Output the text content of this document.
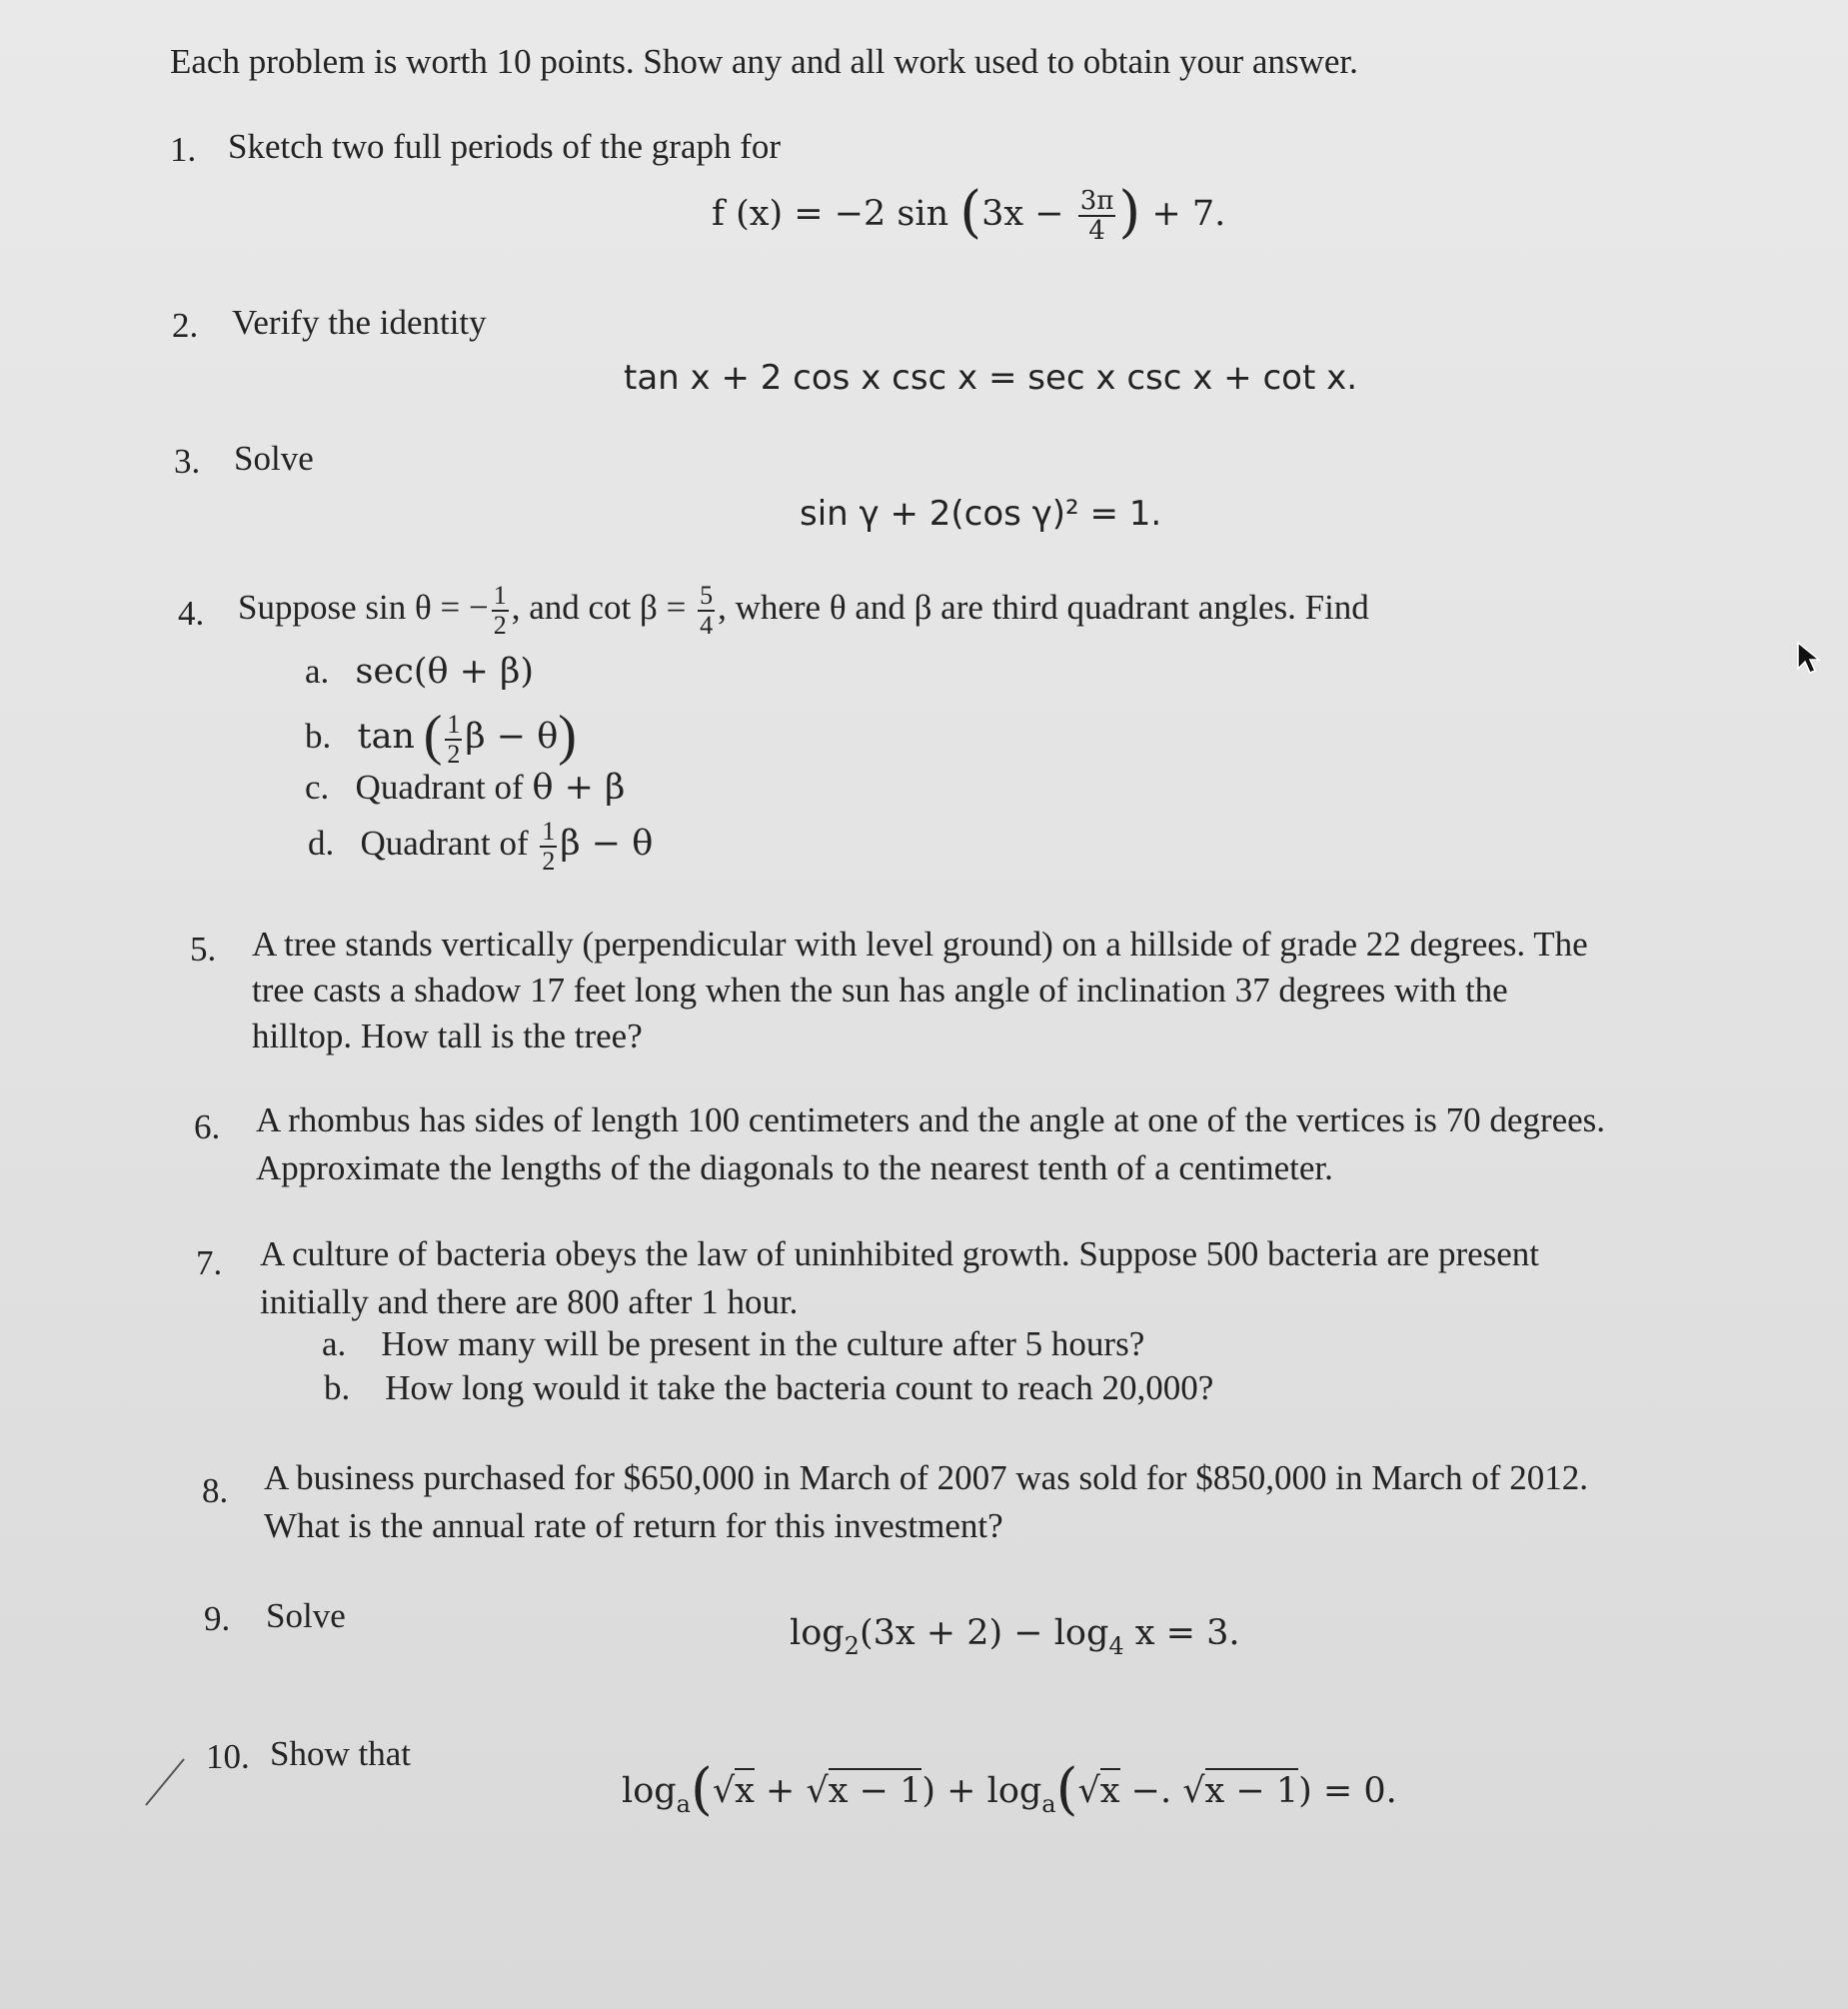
Each problem is worth 10 points. Show any and all work used to obtain your answer.
1. Sketch two full periods of the graph for
f (x) = −2 $\sin (3x - \frac{3\pi}{4}$ ) + 7.
2. Verify the identity
tan x + 2 cos x csc x = sec x csc x + cot x.
3. Solve
sin γ + 2(cos γ)² = 1.
4. Suppose sin θ = − $\frac{1}{2}$ , and $\cot \beta = \frac{5}{4}$ , where θ and β are third quadrant angles. Find
a. sec(θ + β)
b. tan ( $\frac{1}{2}$ β − θ)
c. Quadrant of θ + β
d. Quadrant of $\frac{1}{2}$ β − θ
5. A tree stands vertically (perpendicular with level ground) on a hillside of grade 22 degrees. The
tree casts a shadow 17 feet long when the sun has angle of inclination 37 degrees with the
hilltop. How tall is the tree?
6. A rhombus has sides of length 100 centimeters and the angle at one of the vertices is 70 degrees.
Approximate the lengths of the diagonals to the nearest tenth of a centimeter.
7. A culture of bacteria obeys the law of uninhibited growth. Suppose 500 bacteria are present
initially and there are 800 after 1 hour.
a. How many will be present in the culture after 5 hours?
b. How long would it take the bacteria count to reach 20,000?
8. A business purchased for $650,000 in March of 2007 was sold for $850,000 in March of 2012.
What is the annual rate of return for this investment?
9. Solve	$\log_2(3x + 2) - \log_4 x = 3$.
10. Show that
$\log_a(√x + √x - 1) + \log_a(√x$ −. √x − 1) = 0.
